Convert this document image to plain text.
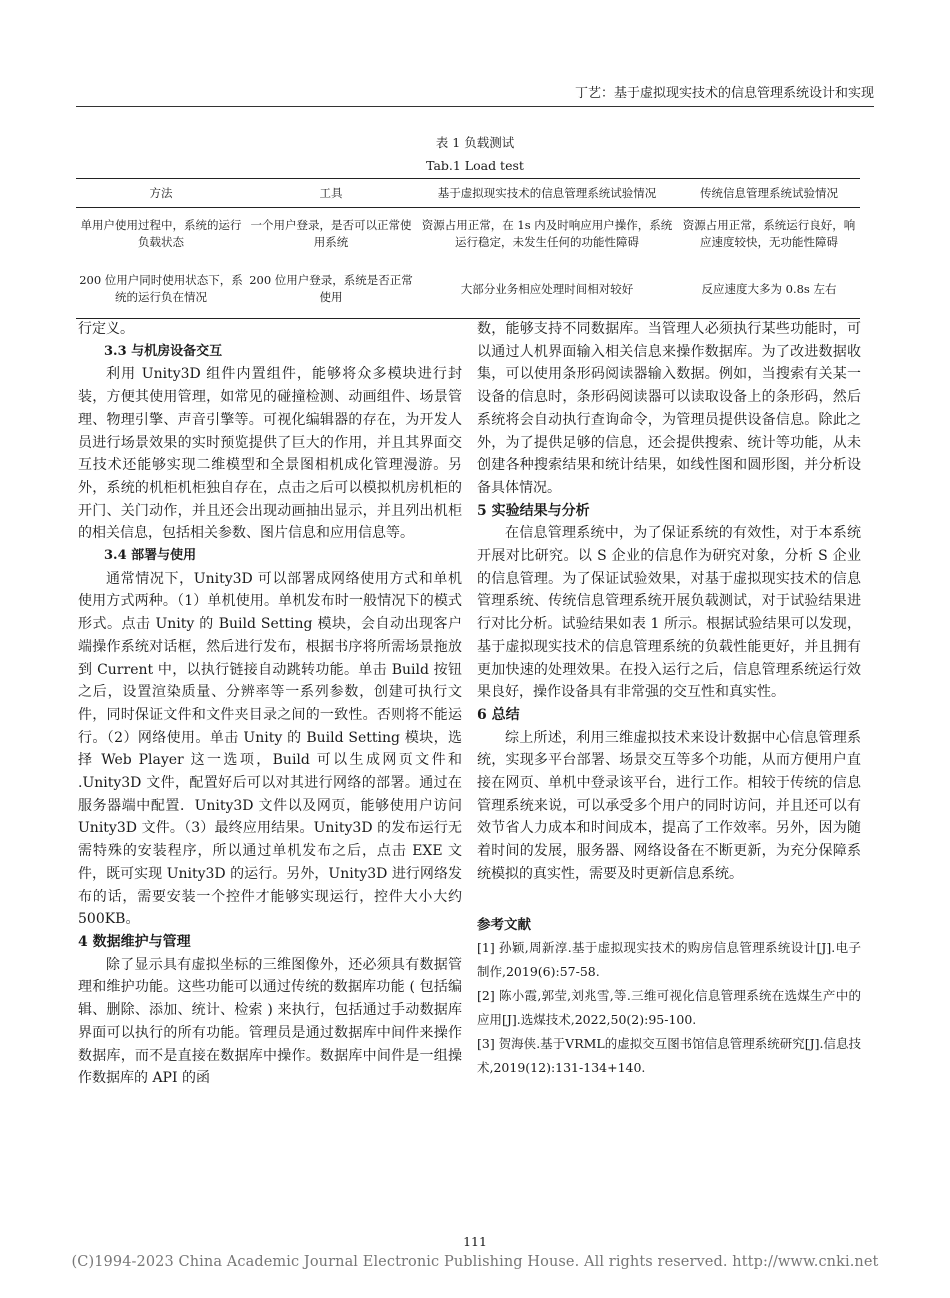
丁艺：基于虚拟现实技术的信息管理系统设计和实现
表 1 负载测试
Tab.1 Load test
方法	工具	基于虚拟现实技术的信息管理系统试验情况	传统信息管理系统试验情况
单用户使用过程中，系统的运行负载状态	一个用户登录，是否可以正常使用系统	资源占用正常，在 1s 内及时响应用户操作，系统运行稳定，未发生任何的功能性障碍	资源占用正常，系统运行良好，响应速度较快，无功能性障碍
200 位用户同时使用状态下，系统的运行负在情况	200 位用户登录，系统是否正常使用	大部分业务相应处理时间相对较好	反应速度大多为 0.8s 左右

行定义。

3.3 与机房设备交互

利用 Unity3D 组件内置组件，能够将众多模块进行封装，方便其使用管理，如常见的碰撞检测、动画组件、场景管理、物理引擎、声音引擎等。可视化编辑器的存在，为开发人员进行场景效果的实时预览提供了巨大的作用，并且其界面交互技术还能够实现二维模型和全景图相机成化管理漫游。另外，系统的机柜机柜独自存在，点击之后可以模拟机房机柜的开门、关门动作，并且还会出现动画抽出显示，并且列出机柜的相关信息，包括相关参数、图片信息和应用信息等。

3.4 部署与使用

通常情况下，Unity3D 可以部署成网络使用方式和单机使用方式两种。（1）单机使用。单机发布时一般情况下的模式形式。点击 Unity 的 Build Setting 模块，会自动出现客户端操作系统对话框，然后进行发布，根据书序将所需场景拖放到 Current 中，以执行链接自动跳转功能。单击 Build 按钮之后，设置渲染质量、分辨率等一系列参数，创建可执行文件，同时保证文件和文件夹目录之间的一致性。否则将不能运行。（2）网络使用。单击 Unity 的 Build Setting 模块，选择 Web Player 这一选项，Build 可以生成网页文件和 .Unity3D 文件，配置好后可以对其进行网络的部署。通过在服务器端中配置．Unity3D 文件以及网页，能够使用户访问 Unity3D 文件。（3）最终应用结果。Unity3D 的发布运行无需特殊的安装程序，所以通过单机发布之后，点击 EXE 文件，既可实现 Unity3D 的运行。另外，Unity3D 进行网络发布的话，需要安装一个控件才能够实现运行，控件大小大约 500KB。

4 数据维护与管理

除了显示具有虚拟坐标的三维图像外，还必须具有数据管理和维护功能。这些功能可以通过传统的数据库功能 ( 包括编辑、删除、添加、统计、检索 ) 来执行，包括通过手动数据库界面可以执行的所有功能。管理员是通过数据库中间件来操作数据库，而不是直接在数据库中操作。数据库中间件是一组操作数据库的 API 的函

数，能够支持不同数据库。当管理人必须执行某些功能时，可以通过人机界面输入相关信息来操作数据库。为了改进数据收集，可以使用条形码阅读器输入数据。例如，当搜索有关某一设备的信息时，条形码阅读器可以读取设备上的条形码，然后系统将会自动执行查询命令，为管理员提供设备信息。除此之外，为了提供足够的信息，还会提供搜索、统计等功能，从未创建各种搜索结果和统计结果，如线性图和圆形图，并分析设备具体情况。

5 实验结果与分析

在信息管理系统中，为了保证系统的有效性，对于本系统开展对比研究。以 S 企业的信息作为研究对象，分析 S 企业的信息管理。为了保证试验效果，对基于虚拟现实技术的信息管理系统、传统信息管理系统开展负载测试，对于试验结果进行对比分析。试验结果如表 1 所示。根据试验结果可以发现，基于虚拟现实技术的信息管理系统的负载性能更好，并且拥有更加快速的处理效果。在投入运行之后，信息管理系统运行效果良好，操作设备具有非常强的交互性和真实性。

6 总结

综上所述，利用三维虚拟技术来设计数据中心信息管理系统，实现多平台部署、场景交互等多个功能，从而方便用户直接在网页、单机中登录该平台，进行工作。相较于传统的信息管理系统来说，可以承受多个用户的同时访问，并且还可以有效节省人力成本和时间成本，提高了工作效率。另外，因为随着时间的发展，服务器、网络设备在不断更新，为充分保障系统模拟的真实性，需要及时更新信息系统。

参考文献

[1] 孙颖,周新淳.基于虚拟现实技术的购房信息管理系统设计[J].电子制作,2019(6):57-58.

[2] 陈小霞,郭莹,刘兆雪,等.三维可视化信息管理系统在选煤生产中的应用[J].选煤技术,2022,50(2):95-100.

[3] 贺海侠.基于VRML的虚拟交互图书馆信息管理系统研究[J].信息技术,2019(12):131-134+140.

111
(C)1994-2023 China Academic Journal Electronic Publishing House. All rights reserved. http://www.cnki.net
